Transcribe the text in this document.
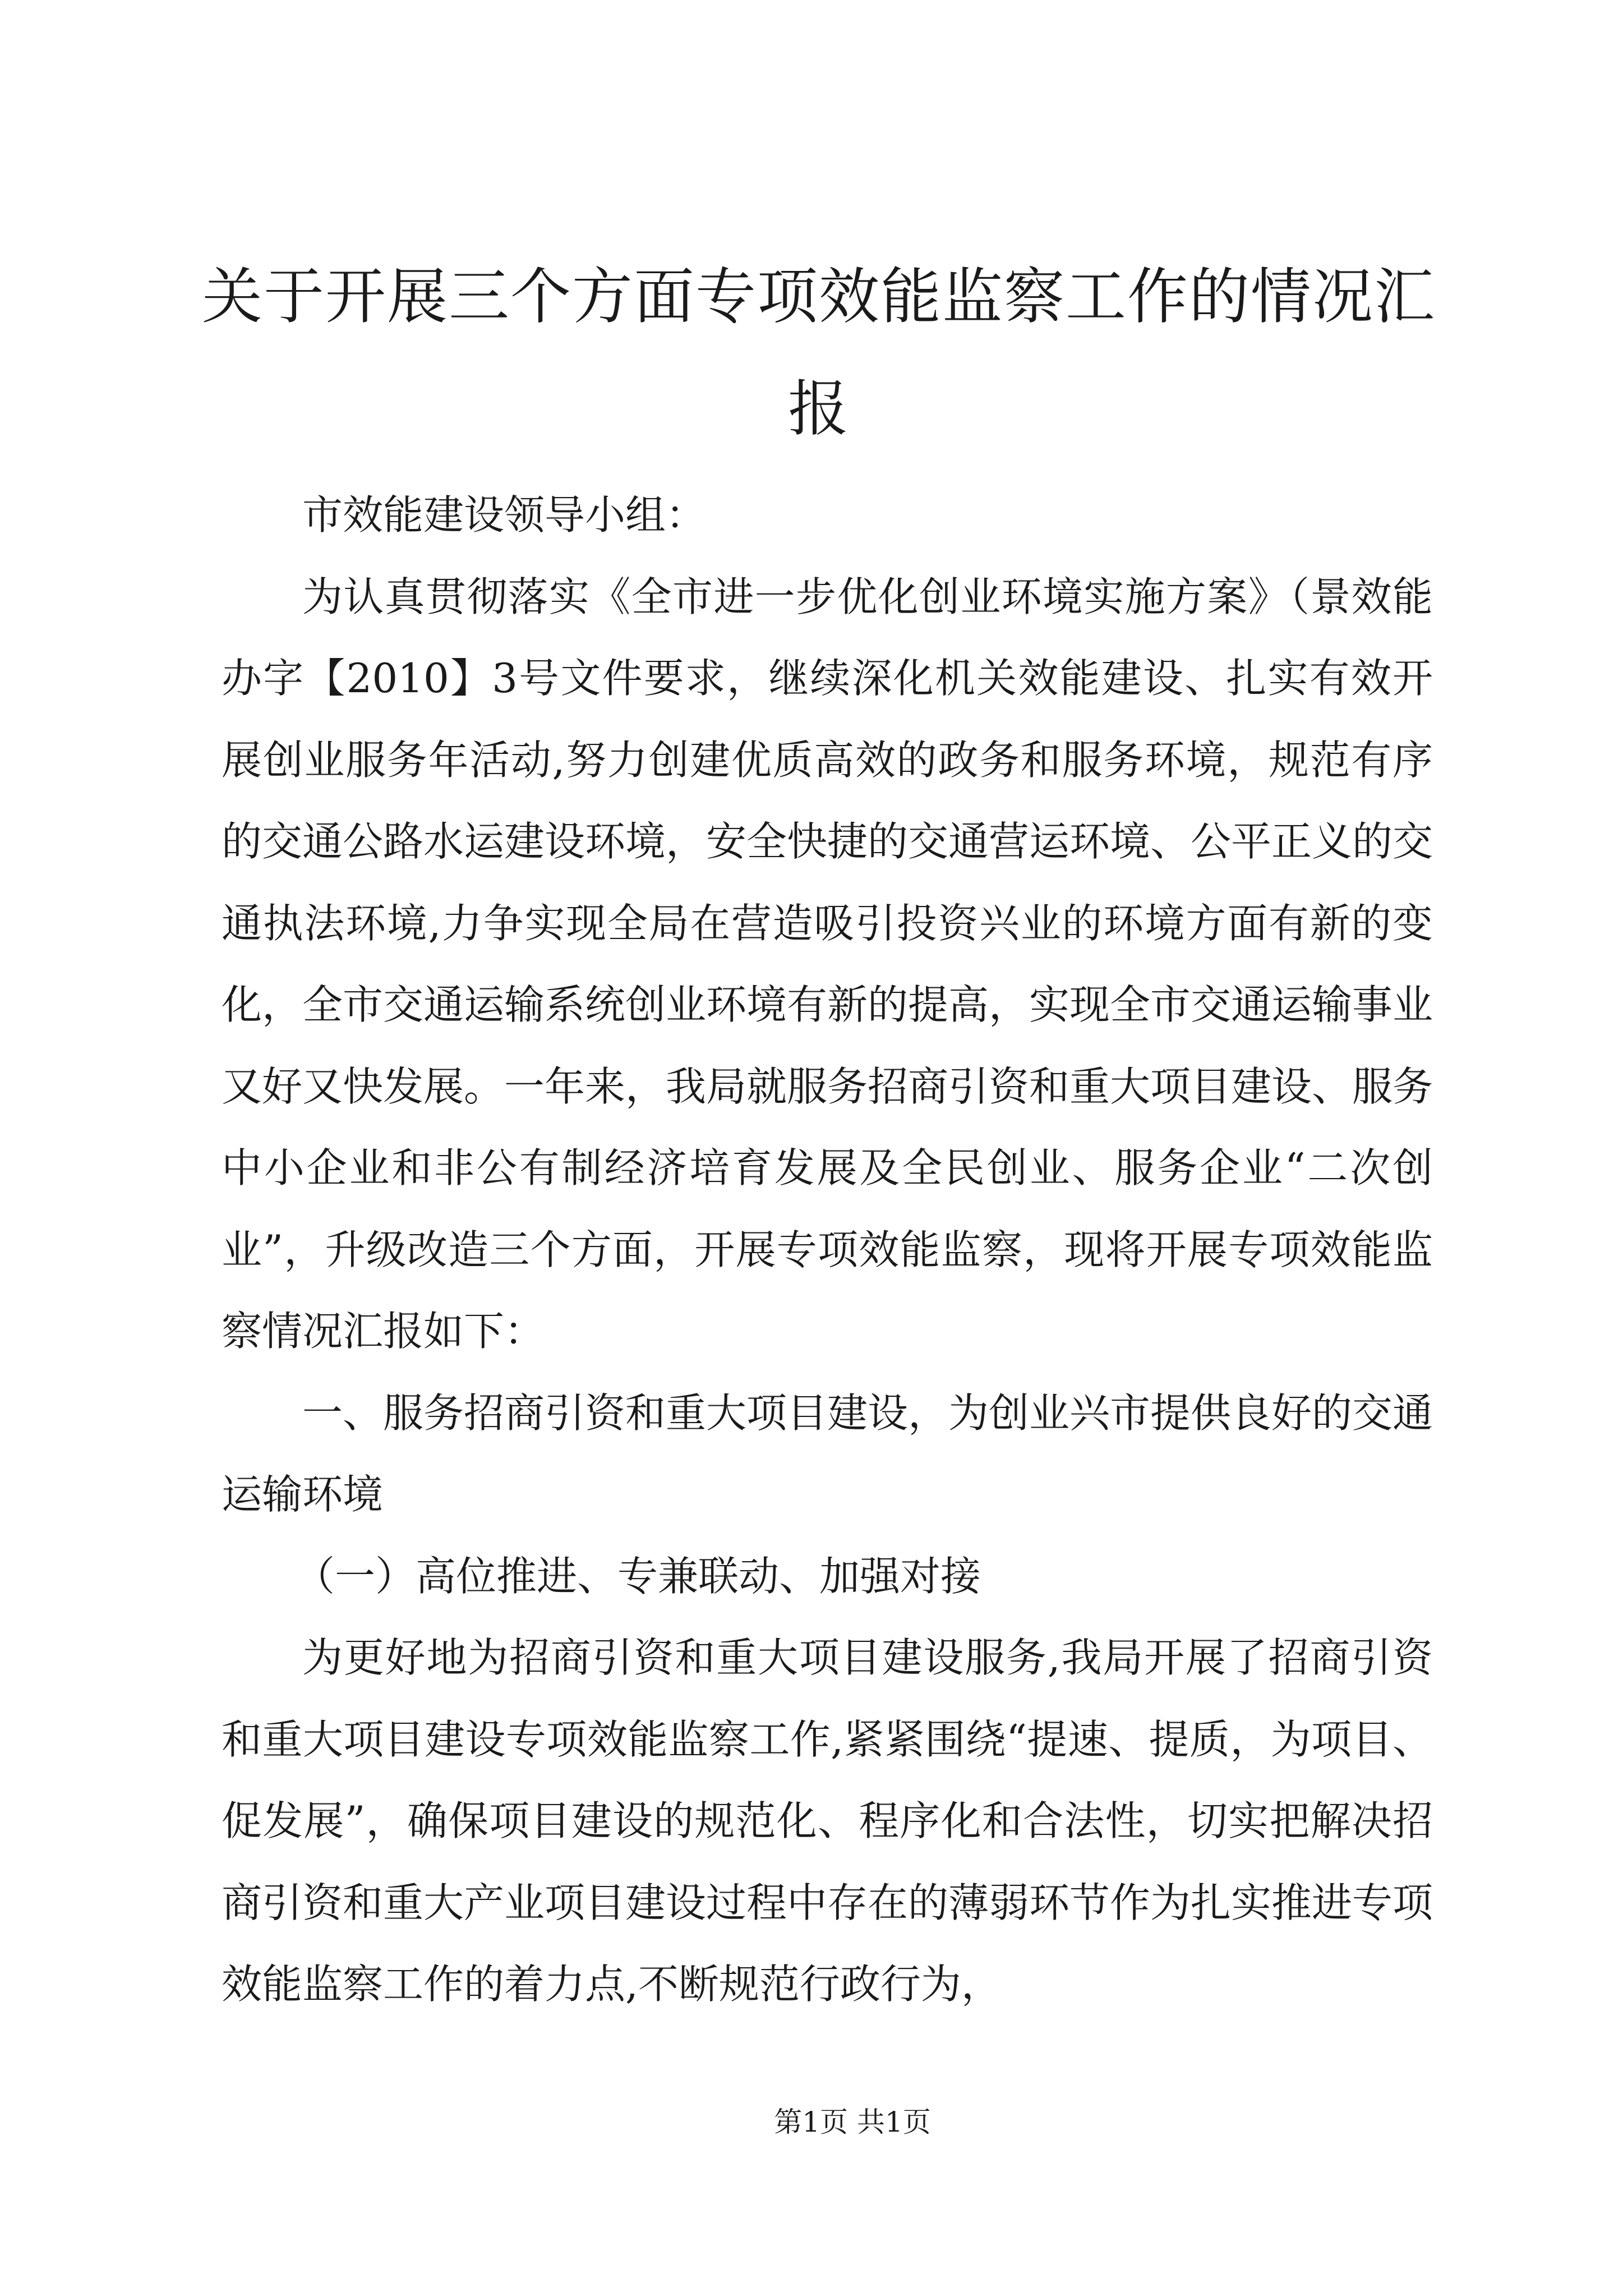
关于开展三个方面专项效能监察工作的情况汇报

市效能建设领导小组：

为认真贯彻落实《全市进一步优化创业环境实施方案》（景效能办字【2010】3号文件要求，继续深化机关效能建设、扎实有效开展创业服务年活动,努力创建优质高效的政务和服务环境，规范有序的交通公路水运建设环境，安全快捷的交通营运环境、公平正义的交通执法环境,力争实现全局在营造吸引投资兴业的环境方面有新的变化，全市交通运输系统创业环境有新的提高，实现全市交通运输事业又好又快发展。一年来，我局就服务招商引资和重大项目建设、服务中小企业和非公有制经济培育发展及全民创业、服务企业“二次创业”，升级改造三个方面，开展专项效能监察，现将开展专项效能监察情况汇报如下：

一、服务招商引资和重大项目建设，为创业兴市提供良好的交通运输环境

（一）高位推进、专兼联动、加强对接

为更好地为招商引资和重大项目建设服务,我局开展了招商引资和重大项目建设专项效能监察工作,紧紧围绕“提速、提质，为项目、促发展”，确保项目建设的规范化、程序化和合法性，切实把解决招商引资和重大产业项目建设过程中存在的薄弱环节作为扎实推进专项效能监察工作的着力点,不断规范行政行为，

第1页 共1页
